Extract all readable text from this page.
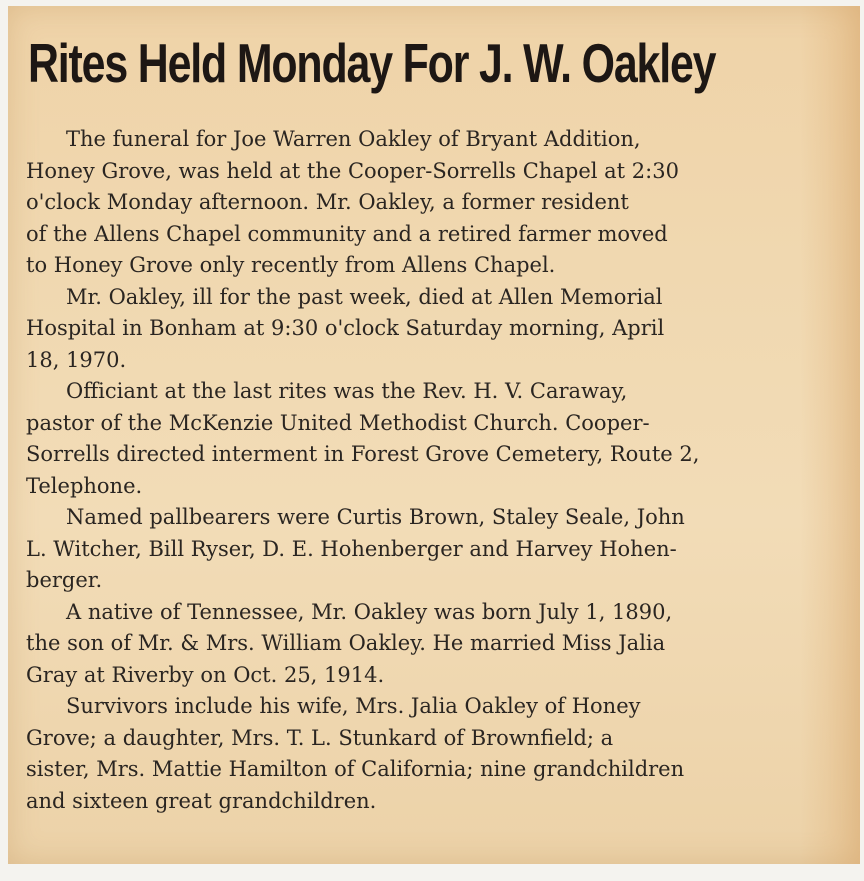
Rites Held Monday For J. W. Oakley
The funeral for Joe Warren Oakley of Bryant Addition,
Honey Grove, was held at the Cooper-Sorrells Chapel at 2:30
o'clock Monday afternoon. Mr. Oakley, a former resident
of the Allens Chapel community and a retired farmer moved
to Honey Grove only recently from Allens Chapel.
Mr. Oakley, ill for the past week, died at Allen Memorial
Hospital in Bonham at 9:30 o'clock Saturday morning, April
18, 1970.
Officiant at the last rites was the Rev. H. V. Caraway,
pastor of the McKenzie United Methodist Church. Cooper-
Sorrells directed interment in Forest Grove Cemetery, Route 2,
Telephone.
Named pallbearers were Curtis Brown, Staley Seale, John
L. Witcher, Bill Ryser, D. E. Hohenberger and Harvey Hohen-
berger.
A native of Tennessee, Mr. Oakley was born July 1, 1890,
the son of Mr. & Mrs. William Oakley. He married Miss Jalia
Gray at Riverby on Oct. 25, 1914.
Survivors include his wife, Mrs. Jalia Oakley of Honey
Grove; a daughter, Mrs. T. L. Stunkard of Brownfield; a
sister, Mrs. Mattie Hamilton of California; nine grandchildren
and sixteen great grandchildren.
